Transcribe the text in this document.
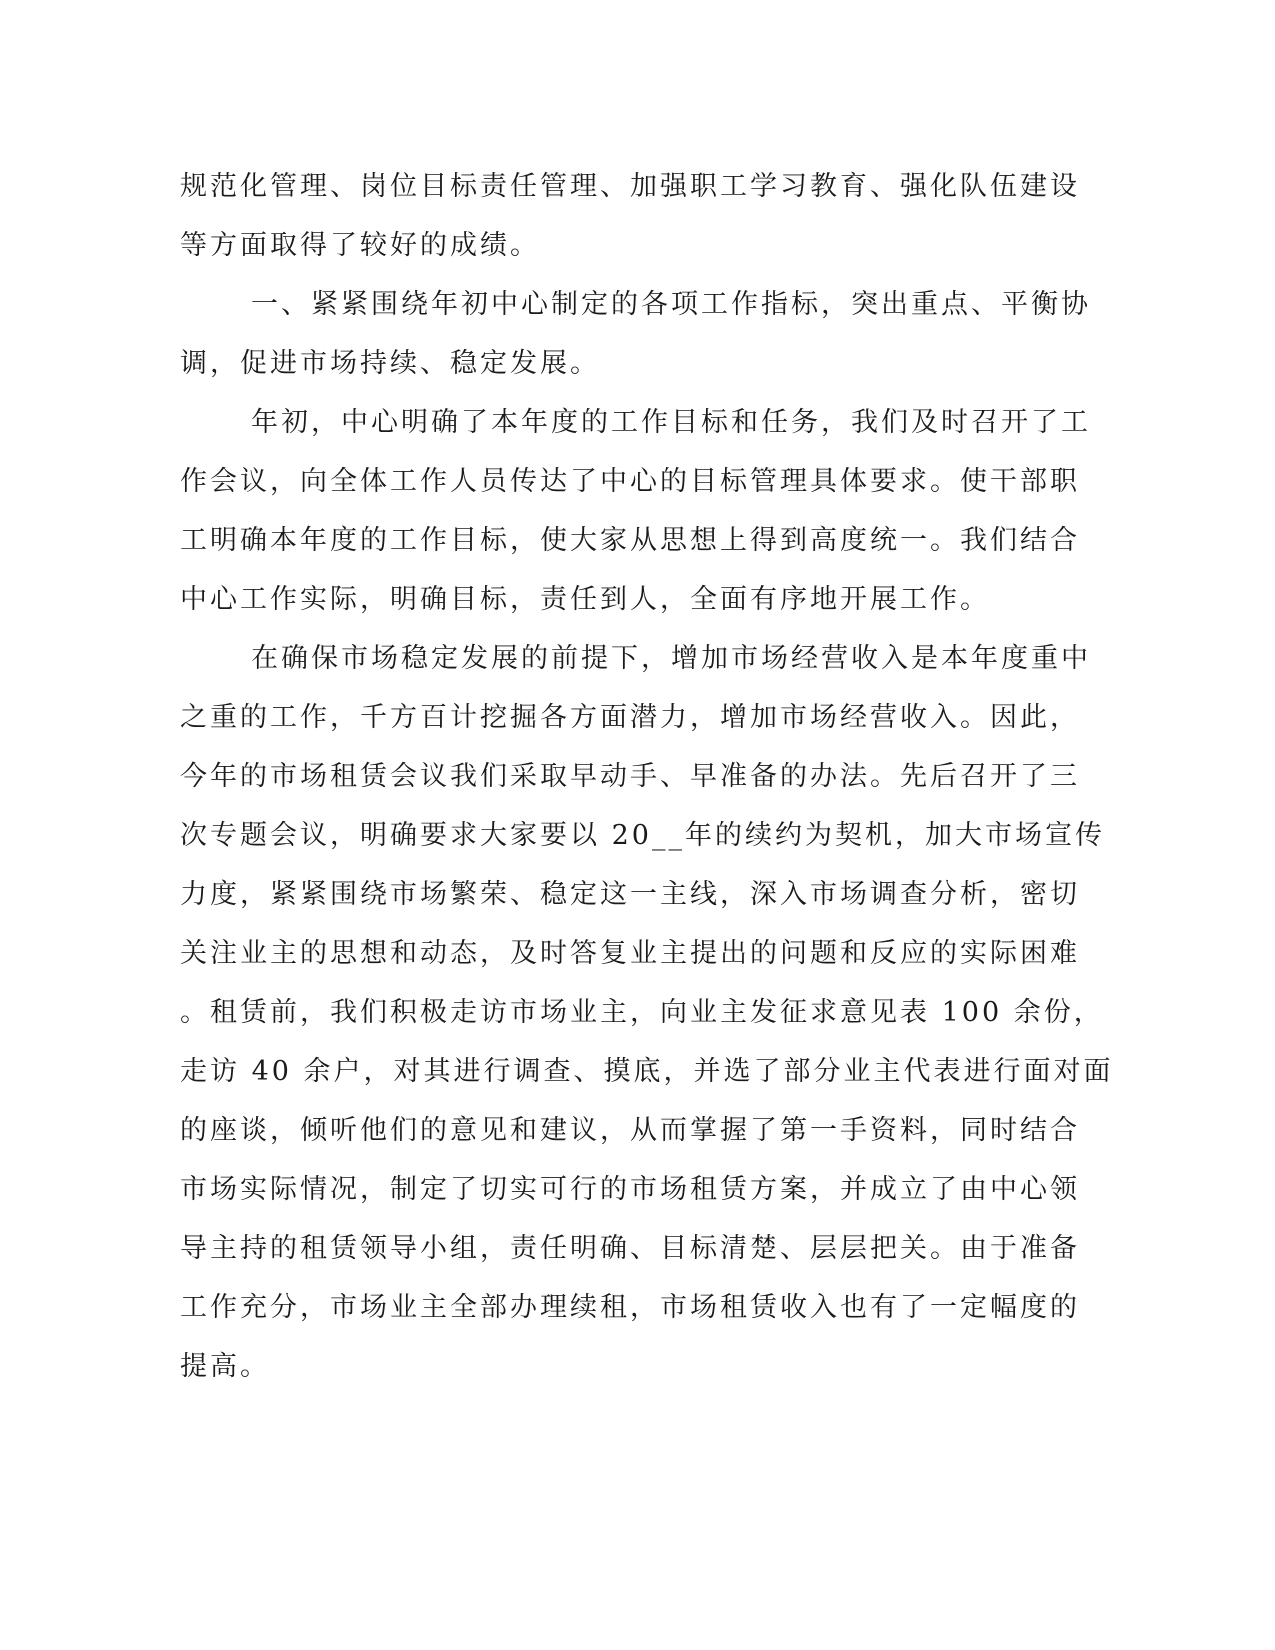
规范化管理、岗位目标责任管理、加强职工学习教育、强化队伍建设
等方面取得了较好的成绩。
一、紧紧围绕年初中心制定的各项工作指标，突出重点、平衡协
调，促进市场持续、稳定发展。
年初，中心明确了本年度的工作目标和任务，我们及时召开了工
作会议，向全体工作人员传达了中心的目标管理具体要求。使干部职
工明确本年度的工作目标，使大家从思想上得到高度统一。我们结合
中心工作实际，明确目标，责任到人，全面有序地开展工作。
在确保市场稳定发展的前提下，增加市场经营收入是本年度重中
之重的工作，千方百计挖掘各方面潜力，增加市场经营收入。因此，
今年的市场租赁会议我们采取早动手、早准备的办法。先后召开了三
次专题会议，明确要求大家要以 20__年的续约为契机，加大市场宣传
力度，紧紧围绕市场繁荣、稳定这一主线，深入市场调查分析，密切
关注业主的思想和动态，及时答复业主提出的问题和反应的实际困难
。租赁前，我们积极走访市场业主，向业主发征求意见表 100 余份，
走访 40 余户，对其进行调查、摸底，并选了部分业主代表进行面对面
的座谈，倾听他们的意见和建议，从而掌握了第一手资料，同时结合
市场实际情况，制定了切实可行的市场租赁方案，并成立了由中心领
导主持的租赁领导小组，责任明确、目标清楚、层层把关。由于准备
工作充分，市场业主全部办理续租，市场租赁收入也有了一定幅度的
提高。
